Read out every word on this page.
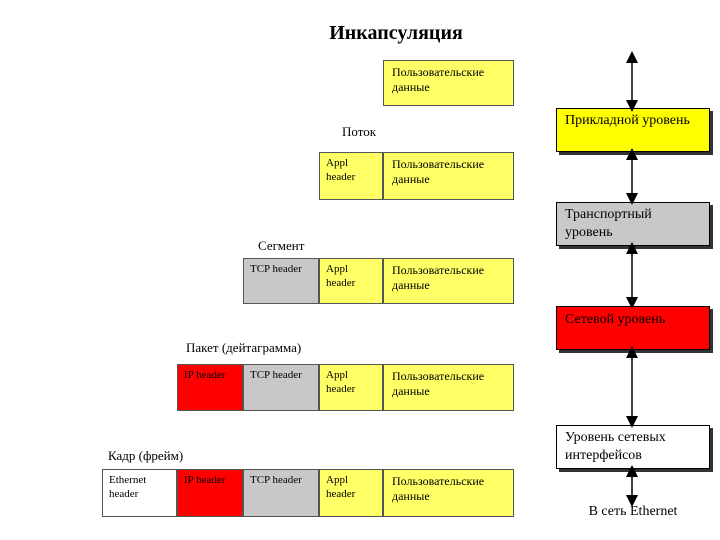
Инкапсуляция
Пользовательские данные
Поток
Appl header
Пользовательские данные
Сегмент
TCP header	Appl header
Пользовательские данные
Пакет (дейтаграмма)
IP header	TCP header	Appl header
Пользовательские данные
Кадр (фрейм)
Ethernet header
IP header	TCP header	Appl header
Пользовательские данные
Прикладной уровень
Транспортный уровень
Сетевой уровень
Уровень сетевых интерфейсов
В сеть Ethernet
